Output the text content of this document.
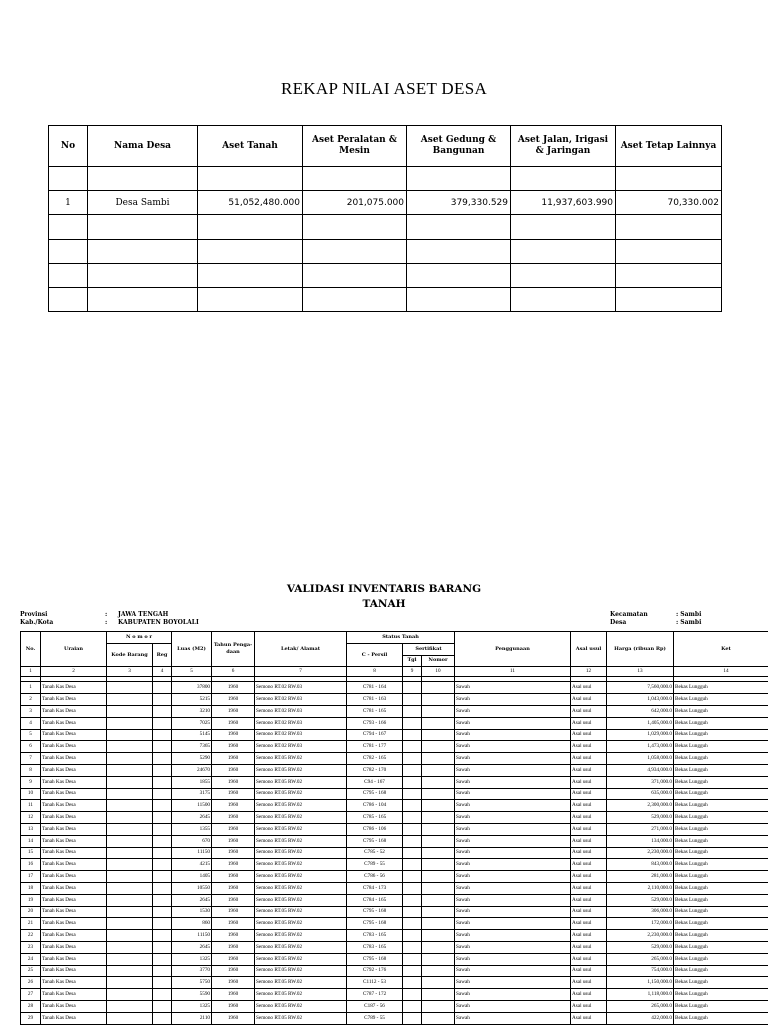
REKAP NILAI ASET DESA
No	Nama Desa	Aset Tanah	Aset Peralatan & Mesin	Aset Gedung & Bangunan	Aset Jalan, Irigasi & Jaringan	Aset Tetap Lainnya

1	Desa Sambi	51,052,480.000	201,075.000	379,330.529	11,937,603.990	70,330.002

VALIDASI INVENTARIS BARANG
TANAH
Provinsi	: JAWA TENGAH
Kab./Kota	: KABUPATEN BOYOLALI
Kecamatan	: Sambi
Desa	: Sambi
No.	Uraian	N o m o r		Luas (M2)	Tahun Penga-daan	Letak/ Alamat	Status Tanah			Penggunaan	Asal usul	Harga (ribuan Rp)	Ket
		Kode Barang	Reg				C - Persil	Sertifikat					
								Tgl	Nomor				
1	2	3	4	5	6	7	8	9	10	11	12	13	14

1	Tanah Kas Desa			37800	1960	Semono RT.02 RW.03	C781 - 164			Sawah	Asal usul	7,560,000.0	Bekas Lungguh
2	Tanah Kas Desa			5215	1960	Semono RT.02 RW.03	C781 - 163			Sawah	Asal usul	1,043,000.0	Bekas Lungguh
3	Tanah Kas Desa			3210	1960	Semono RT.02 RW.03	C781 - 165			Sawah	Asal usul	642,000.0	Bekas Lungguh
4	Tanah Kas Desa			7025	1960	Semono RT.02 RW.03	C793 - 166			Sawah	Asal usul	1,405,000.0	Bekas Lungguh
5	Tanah Kas Desa			5145	1960	Semono RT.02 RW.03	C794 - 167			Sawah	Asal usul	1,029,000.0	Bekas Lungguh
6	Tanah Kas Desa			7365	1960	Semono RT.02 RW.03	C781 - 177			Sawah	Asal usul	1,473,000.0	Bekas Lungguh
7	Tanah Kas Desa			5290	1960	Semono RT.05 RW.02	C782 - 165			Sawah	Asal usul	1,058,000.0	Bekas Lungguh
8	Tanah Kas Desa			24670	1960	Semono RT.05 RW.02	C782 - 170			Sawah	Asal usul	4,934,000.0	Bekas Lungguh
9	Tanah Kas Desa			1855	1960	Semono RT.05 RW.02	C94 - 167			Sawah	Asal usul	371,000.0	Bekas Lungguh
10	Tanah Kas Desa			3175	1960	Semono RT.05 RW.02	C795 - 168			Sawah	Asal usul	635,000.0	Bekas Lungguh
11	Tanah Kas Desa			11500	1960	Semono RT.05 RW.02	C786 - 104			Sawah	Asal usul	2,300,000.0	Bekas Lungguh
12	Tanah Kas Desa			2645	1960	Semono RT.05 RW.02	C785 - 165			Sawah	Asal usul	529,000.0	Bekas Lungguh
13	Tanah Kas Desa			1355	1960	Semono RT.05 RW.02	C786 - 106			Sawah	Asal usul	271,000.0	Bekas Lungguh
14	Tanah Kas Desa			670	1960	Semono RT.05 RW.02	C795 - 168			Sawah	Asal usul	134,000.0	Bekas Lungguh
15	Tanah Kas Desa			11150	1960	Semono RT.05 RW.02	C785 - 52			Sawah	Asal usul	2,230,000.0	Bekas Lungguh
16	Tanah Kas Desa			4215	1960	Semono RT.05 RW.02	C789 - 55			Sawah	Asal usul	843,000.0	Bekas Lungguh
17	Tanah Kas Desa			1405	1960	Semono RT.05 RW.02	C786 - 56			Sawah	Asal usul	281,000.0	Bekas Lungguh
18	Tanah Kas Desa			10550	1960	Semono RT.05 RW.02	C784 - 173			Sawah	Asal usul	2,110,000.0	Bekas Lungguh
19	Tanah Kas Desa			2645	1960	Semono RT.05 RW.02	C784 - 165			Sawah	Asal usul	529,000.0	Bekas Lungguh
20	Tanah Kas Desa			1530	1960	Semono RT.05 RW.02	C795 - 168			Sawah	Asal usul	306,000.0	Bekas Lungguh
21	Tanah Kas Desa			860	1960	Semono RT.05 RW.02	C795 - 168			Sawah	Asal usul	172,000.0	Bekas Lungguh
22	Tanah Kas Desa			11150	1960	Semono RT.05 RW.02	C783 - 165			Sawah	Asal usul	2,230,000.0	Bekas Lungguh
23	Tanah Kas Desa			2645	1960	Semono RT.05 RW.02	C783 - 165			Sawah	Asal usul	529,000.0	Bekas Lungguh
24	Tanah Kas Desa			1325	1960	Semono RT.05 RW.02	C795 - 168			Sawah	Asal usul	265,000.0	Bekas Lungguh
25	Tanah Kas Desa			3770	1960	Semono RT.05 RW.02	C792 - 176			Sawah	Asal usul	754,000.0	Bekas Lungguh
26	Tanah Kas Desa			5750	1960	Semono RT.05 RW.02	C1112 - 53			Sawah	Asal usul	1,150,000.0	Bekas Lungguh
27	Tanah Kas Desa			5590	1960	Semono RT.05 RW.02	C787 - 172			Sawah	Asal usul	1,118,000.0	Bekas Lungguh
28	Tanah Kas Desa			1325	1960	Semono RT.05 RW.02	C187 - 56			Sawah	Asal usul	265,000.0	Bekas Lungguh
29	Tanah Kas Desa			2110	1960	Semono RT.05 RW.02	C789 - 55			Sawah	Asal usul	422,000.0	Bekas Lungguh
